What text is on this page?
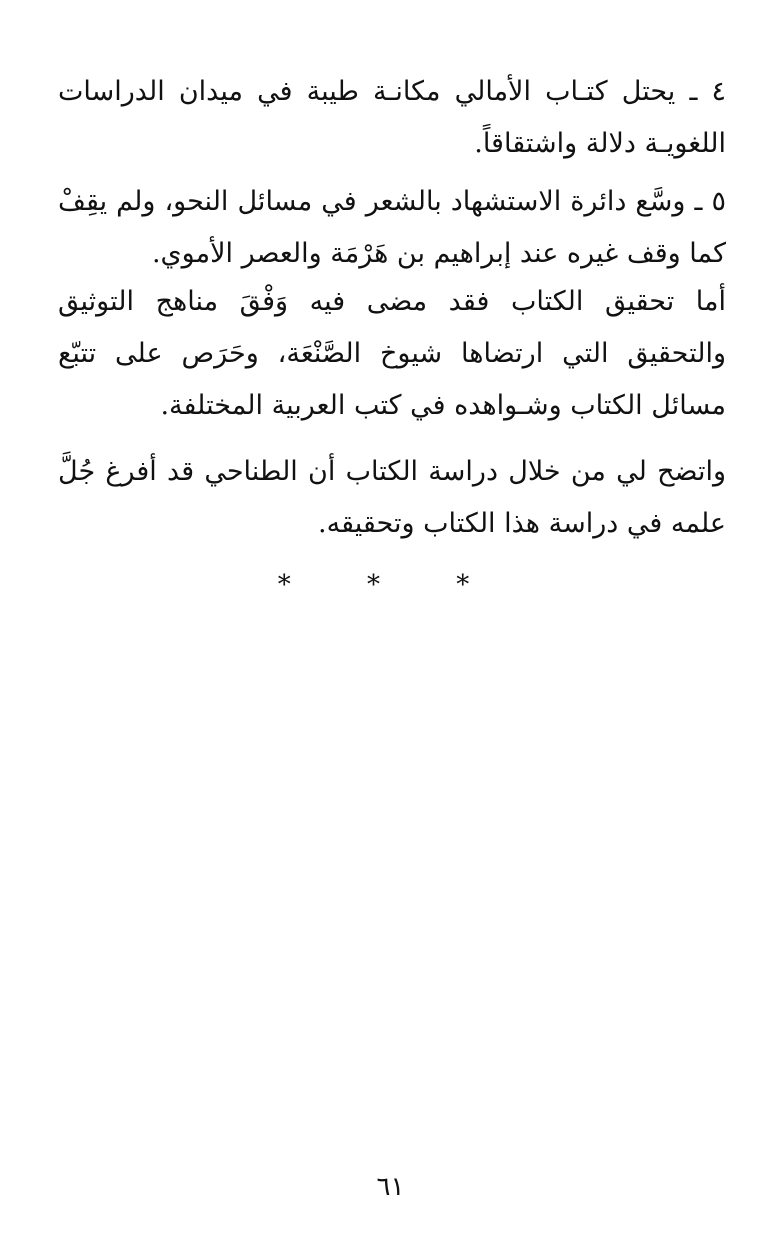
٤ ـ يحتل كتـاب الأمالي مكانـة طيبة في ميدان الدراسات اللغويـة دلالة واشتقاقاً.

٥ ـ وسَّع دائرة الاستشهاد بالشعر في مسائل النحو، ولم يقِفْ كما وقف غيره عند إبراهيم بن هَرْمَة والعصر الأموي.

أما تحقيق الكتاب فقد مضى فيه وَفْقَ مناهج التوثيق والتحقيق التي ارتضاها شيوخ الصَّنْعَة، وحَرَص على تتبّع مسائل الكتاب وشـواهده في كتب العربية المختلفة.

واتضح لي من خلال دراسة الكتاب أن الطناحي قد أفرغ جُلَّ علمه في دراسة هذا الكتاب وتحقيقه.

* * *
٦١
